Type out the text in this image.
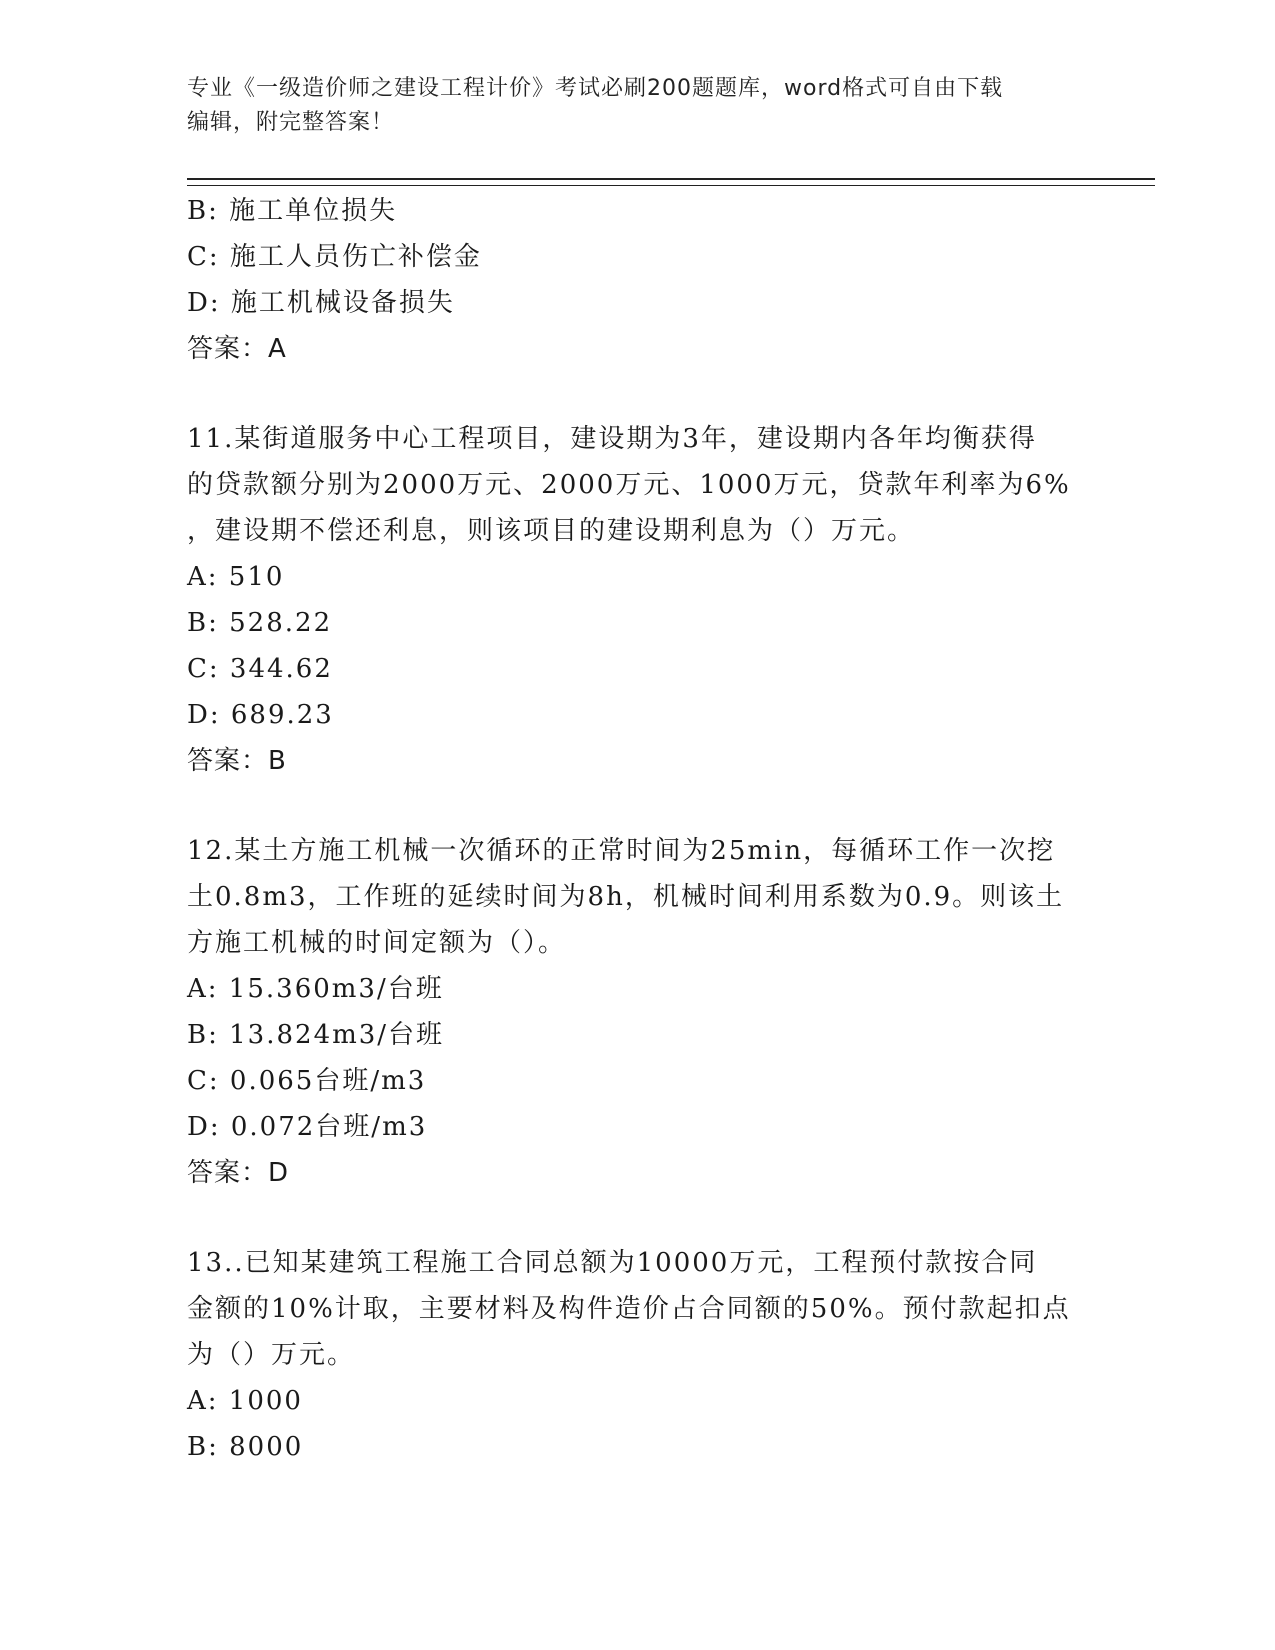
专业《一级造价师之建设工程计价》考试必刷200题题库，word格式可自由下载
编辑，附完整答案！
B: 施工单位损失
C: 施工人员伤亡补偿金
D: 施工机械设备损失
答案：A
11.某街道服务中心工程项目，建设期为3年，建设期内各年均衡获得
的贷款额分别为2000万元、2000万元、1000万元，贷款年利率为6%
，建设期不偿还利息，则该项目的建设期利息为（）万元。
A: 510
B: 528.22
C: 344.62
D: 689.23
答案：B
12.某土方施工机械一次循环的正常时间为25min，每循环工作一次挖
土0.8m3，工作班的延续时间为8h，机械时间利用系数为0.9。则该土
方施工机械的时间定额为（）。
A: 15.360m3/台班
B: 13.824m3/台班
C: 0.065台班/m3
D: 0.072台班/m3
答案：D
13..已知某建筑工程施工合同总额为10000万元，工程预付款按合同
金额的10%计取，主要材料及构件造价占合同额的50%。预付款起扣点
为（）万元。
A: 1000
B: 8000
